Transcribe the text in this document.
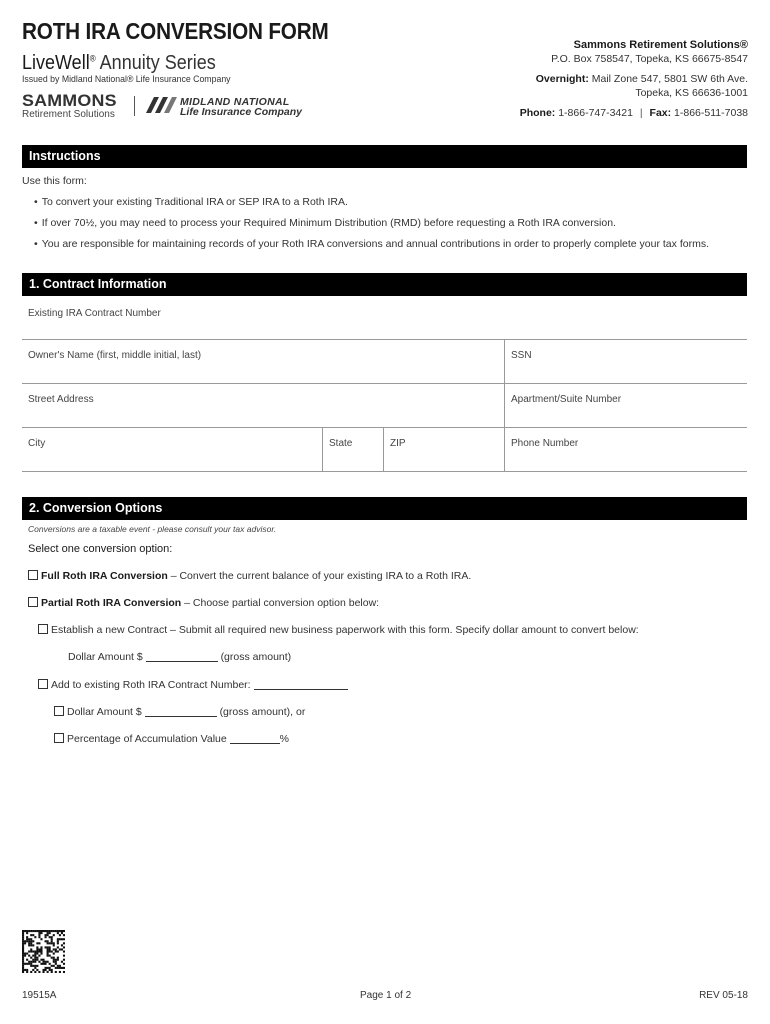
ROTH IRA CONVERSION FORM
LiveWell® Annuity Series
Issued by Midland National® Life Insurance Company
SAMMONS
Retirement Solutions
MIDLAND NATIONAL
Life Insurance Company
Sammons Retirement Solutions®
P.O. Box 758547, Topeka, KS 66675-8547
Overnight: Mail Zone 547, 5801 SW 6th Ave.
Topeka, KS 66636-1001
Phone: 1-866-747-3421 | Fax: 1-866-511-7038
Instructions
Use this form:
• To convert your existing Traditional IRA or SEP IRA to a Roth IRA.
• If over 70½, you may need to process your Required Minimum Distribution (RMD) before requesting a Roth IRA conversion.
• You are responsible for maintaining records of your Roth IRA conversions and annual contributions in order to properly complete your tax forms.
1. Contract Information
Existing IRA Contract Number
Owner's Name (first, middle initial, last)	SSN
Street Address	Apartment/Suite Number
City	State	ZIP	Phone Number
2. Conversion Options
Conversions are a taxable event - please consult your tax advisor.
Select one conversion option:
Full Roth IRA Conversion – Convert the current balance of your existing IRA to a Roth IRA.
Partial Roth IRA Conversion – Choose partial conversion option below:
Establish a new Contract – Submit all required new business paperwork with this form. Specify dollar amount to convert below:
Dollar Amount $	(gross amount)
Add to existing Roth IRA Contract Number:
Dollar Amount $	(gross amount), or
Percentage of Accumulation Value	%
19515A	Page 1 of 2	REV 05-18
